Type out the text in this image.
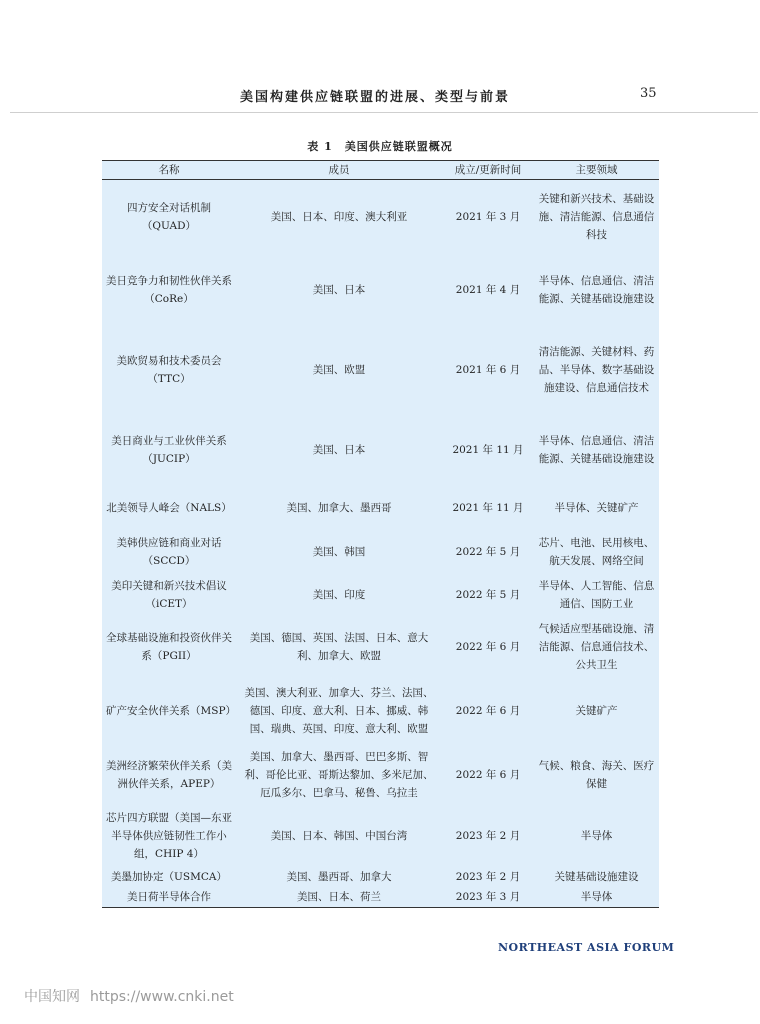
美国构建供应链联盟的进展、类型与前景	35
表 1　美国供应链联盟概况
名称	成员	成立/更新时间	主要领域
四方安全对话机制（QUAD）	美国、日本、印度、澳大利亚	2021 年 3 月	关键和新兴技术、基础设施、清洁能源、信息通信科技
美日竞争力和韧性伙伴关系（CoRe）	美国、日本	2021 年 4 月	半导体、信息通信、清洁能源、关键基础设施建设
美欧贸易和技术委员会（TTC）	美国、欧盟	2021 年 6 月	清洁能源、关键材料、药品、半导体、数字基础设施建设、信息通信技术
美日商业与工业伙伴关系（JUCIP）	美国、日本	2021 年 11 月	半导体、信息通信、清洁能源、关键基础设施建设
北美领导人峰会（NALS）	美国、加拿大、墨西哥	2021 年 11 月	半导体、关键矿产
美韩供应链和商业对话（SCCD）	美国、韩国	2022 年 5 月	芯片、电池、民用核电、航天发展、网络空间
美印关键和新兴技术倡议（iCET）	美国、印度	2022 年 5 月	半导体、人工智能、信息通信、国防工业
全球基础设施和投资伙伴关系（PGII）	美国、德国、英国、法国、日本、意大利、加拿大、欧盟	2022 年 6 月	气候适应型基础设施、清洁能源、信息通信技术、公共卫生
矿产安全伙伴关系（MSP）	美国、澳大利亚、加拿大、芬兰、法国、德国、印度、意大利、日本、挪威、韩国、瑞典、英国、印度、意大利、欧盟	2022 年 6 月	关键矿产
美洲经济繁荣伙伴关系（美洲伙伴关系，APEP）	美国、加拿大、墨西哥、巴巴多斯、智利、哥伦比亚、哥斯达黎加、多米尼加、厄瓜多尔、巴拿马、秘鲁、乌拉圭	2022 年 6 月	气候、粮食、海关、医疗保健
芯片四方联盟（美国—东亚半导体供应链韧性工作小组，CHIP 4）	美国、日本、韩国、中国台湾	2023 年 2 月	半导体
美墨加协定（USMCA）	美国、墨西哥、加拿大	2023 年 2 月	关键基础设施建设
美日荷半导体合作	美国、日本、荷兰	2023 年 3 月	半导体
NORTHEAST ASIA FORUM
中国知网 https://www.cnki.net
